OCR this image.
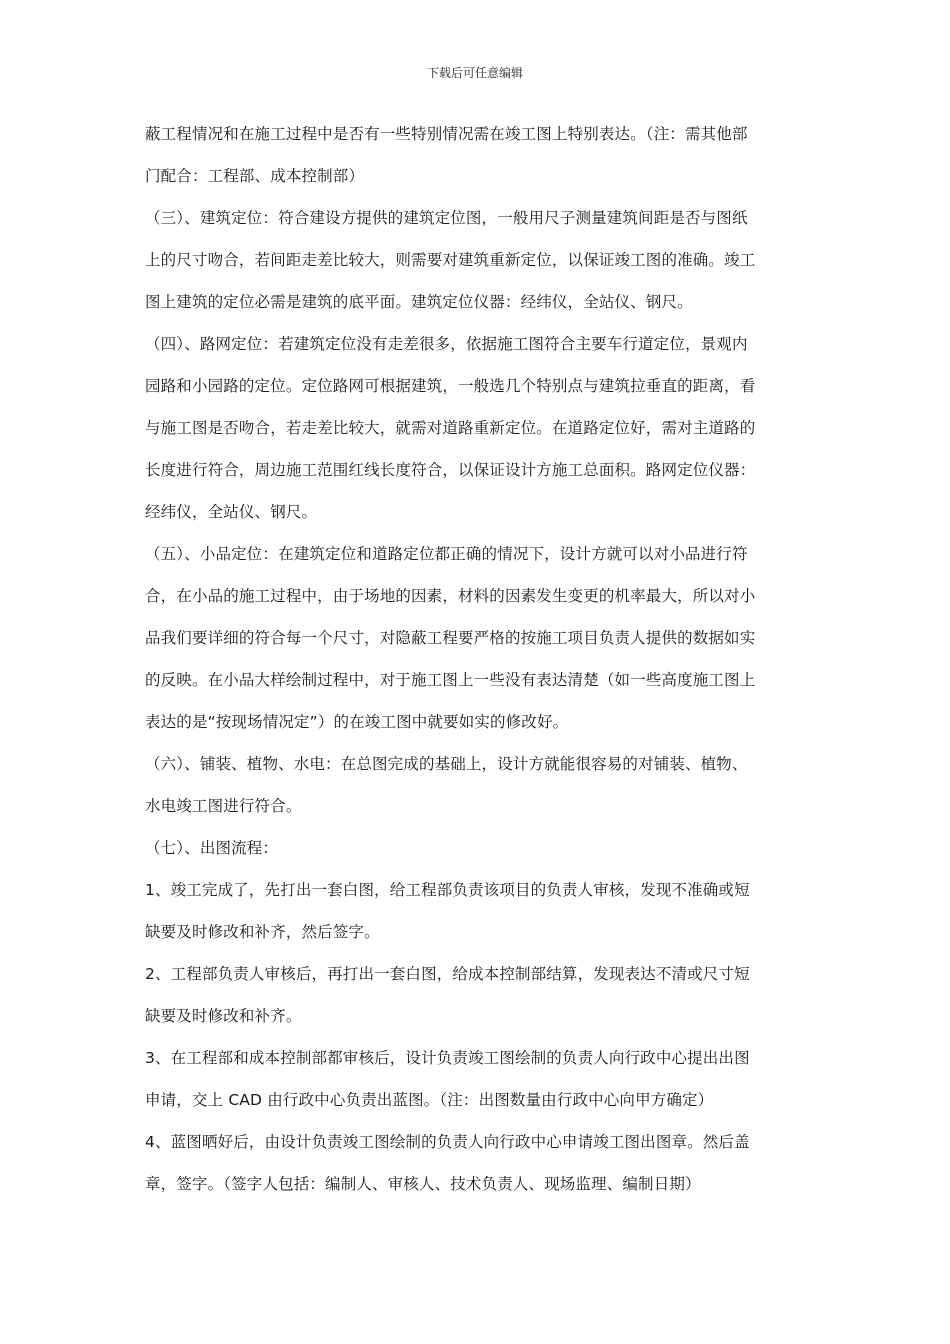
下载后可任意编辑
蔽工程情况和在施工过程中是否有一些特别情况需在竣工图上特别表达。（注：需其他部
门配合：工程部、成本控制部）
（三）、建筑定位：符合建设方提供的建筑定位图，一般用尺子测量建筑间距是否与图纸
上的尺寸吻合，若间距走差比较大，则需要对建筑重新定位，以保证竣工图的准确。竣工
图上建筑的定位必需是建筑的底平面。建筑定位仪器：经纬仪，全站仪、钢尺。
（四）、路网定位：若建筑定位没有走差很多，依据施工图符合主要车行道定位，景观内
园路和小园路的定位。定位路网可根据建筑，一般选几个特别点与建筑拉垂直的距离，看
与施工图是否吻合，若走差比较大，就需对道路重新定位。在道路定位好，需对主道路的
长度进行符合，周边施工范围红线长度符合，以保证设计方施工总面积。路网定位仪器：
经纬仪，全站仪、钢尺。
（五）、小品定位：在建筑定位和道路定位都正确的情况下，设计方就可以对小品进行符
合，在小品的施工过程中，由于场地的因素，材料的因素发生变更的机率最大，所以对小
品我们要详细的符合每一个尺寸，对隐蔽工程要严格的按施工项目负责人提供的数据如实
的反映。在小品大样绘制过程中，对于施工图上一些没有表达清楚（如一些高度施工图上
表达的是“按现场情况定”）的在竣工图中就要如实的修改好。
（六）、铺装、植物、水电：在总图完成的基础上，设计方就能很容易的对铺装、植物、
水电竣工图进行符合。
（七）、出图流程：
1、竣工完成了，先打出一套白图，给工程部负责该项目的负责人审核，发现不准确或短
缺要及时修改和补齐，然后签字。
2、工程部负责人审核后，再打出一套白图，给成本控制部结算，发现表达不清或尺寸短
缺要及时修改和补齐。
3、在工程部和成本控制部都审核后，设计负责竣工图绘制的负责人向行政中心提出出图
申请，交上 CAD 由行政中心负责出蓝图。（注：出图数量由行政中心向甲方确定）
4、蓝图晒好后，由设计负责竣工图绘制的负责人向行政中心申请竣工图出图章。然后盖
章，签字。（签字人包括：编制人、审核人、技术负责人、现场监理、编制日期）
